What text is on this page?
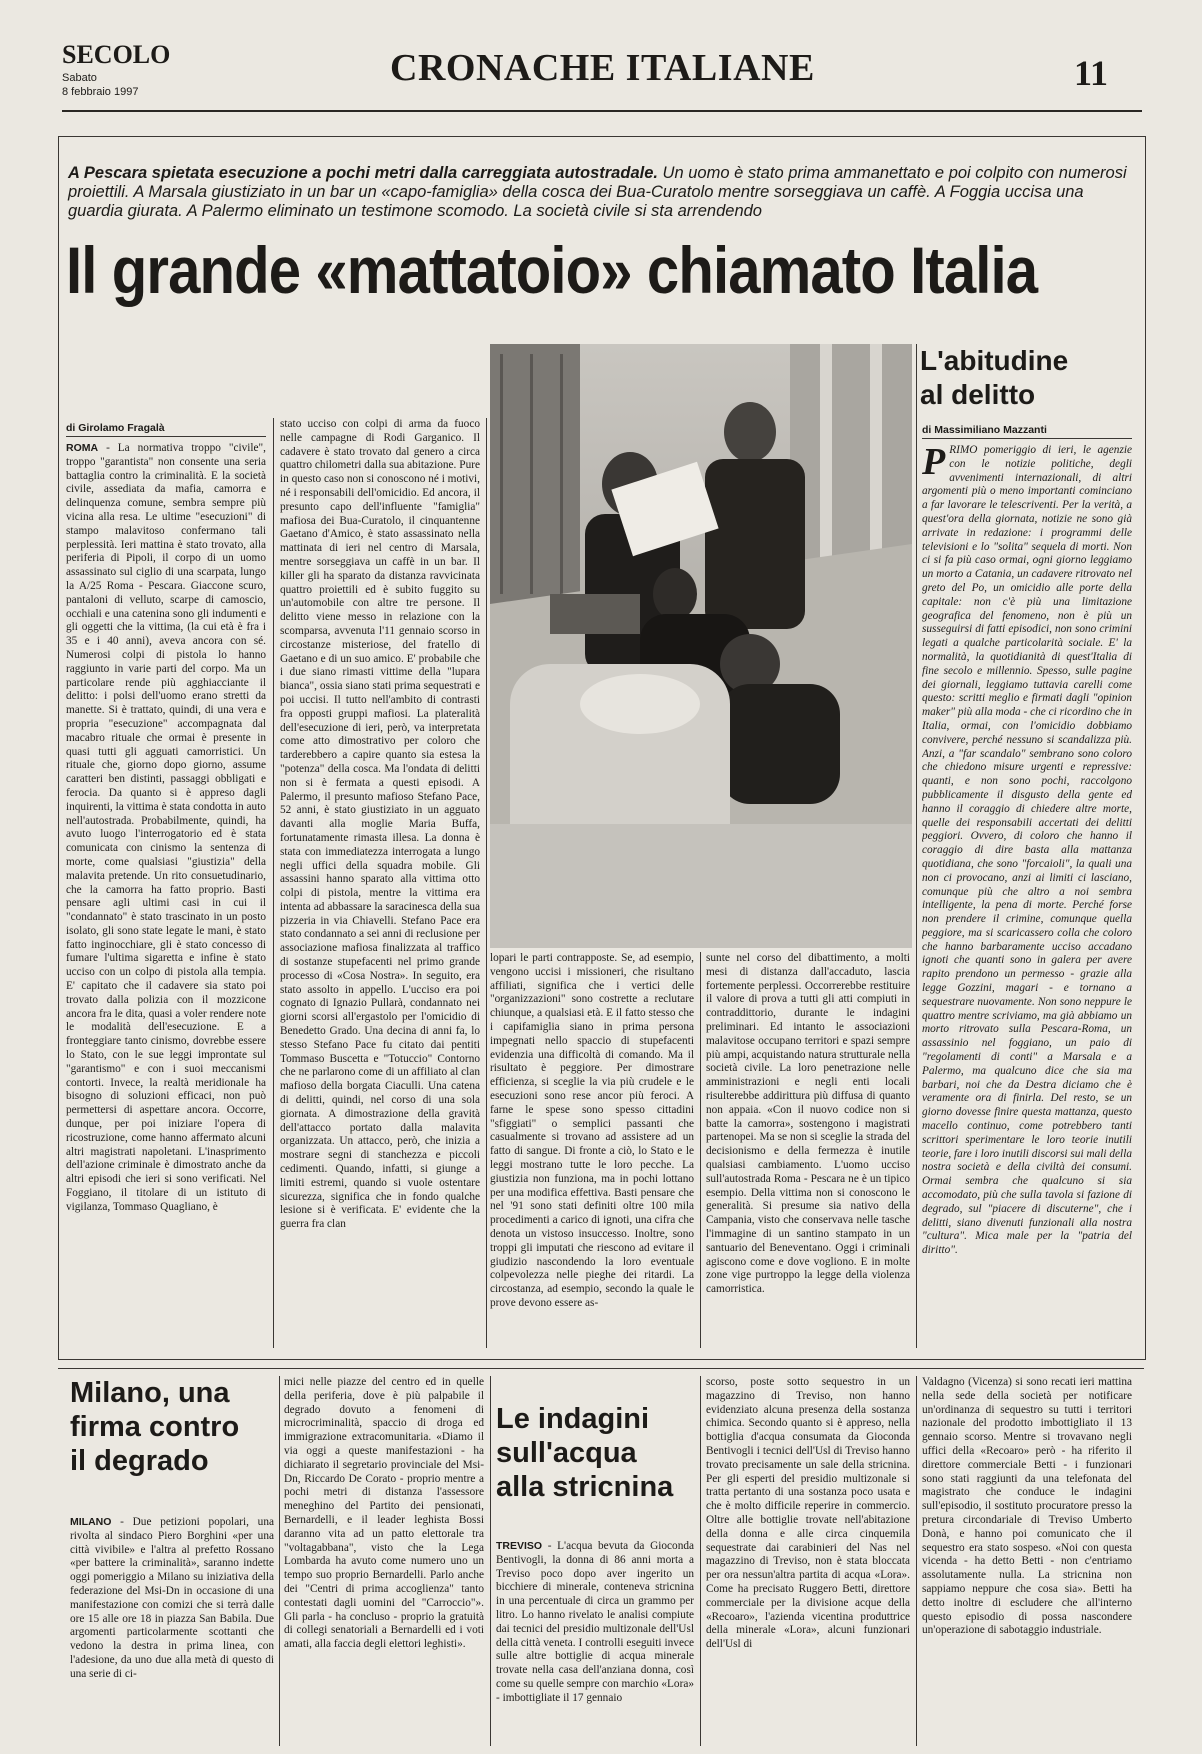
SECOLO
Sabato
8 febbraio 1997
CRONACHE ITALIANE	11
A Pescara spietata esecuzione a pochi metri dalla carreggiata autostradale. Un uomo è stato prima ammanettato e poi colpito con numerosi proiettili. A Marsala giustiziato in un bar un «capo-famiglia» della cosca dei Bua-Curatolo mentre sorseggiava un caffè. A Foggia uccisa una guardia giurata. A Palermo eliminato un testimone scomodo. La società civile si sta arrendendo
Il grande «mattatoio» chiamato Italia
di Girolamo Fragalà
ROMA - La normativa troppo "civile", troppo "garantista" non consente una seria battaglia contro la criminalità. E la società civile, assediata da mafia, camorra e delinquenza comune, sembra sempre più vicina alla resa. Le ultime "esecuzioni" di stampo malavitoso confermano tali perplessità. Ieri mattina è stato trovato, alla periferia di Pipoli, il corpo di un uomo assassinato sul ciglio di una scarpata, lungo la A/25 Roma - Pescara. Giaccone scuro, pantaloni di velluto, scarpe di camoscio, occhiali e una catenina sono gli indumenti e gli oggetti che la vittima, (la cui età è fra i 35 e i 40 anni), aveva ancora con sé. Numerosi colpi di pistola lo hanno raggiunto in varie parti del corpo. Ma un particolare rende più agghiacciante il delitto: i polsi dell'uomo erano stretti da manette. Si è trattato, quindi, di una vera e propria "esecuzione" accompagnata dal macabro rituale che ormai è presente in quasi tutti gli agguati camorristici. Un rituale che, giorno dopo giorno, assume caratteri ben distinti, passaggi obbligati e ferocia. Da quanto si è appreso dagli inquirenti, la vittima è stata condotta in auto nell'autostrada. Probabilmente, quindi, ha avuto luogo l'interrogatorio ed è stata comunicata con cinismo la sentenza di morte, come qualsiasi "giustizia" della malavita pretende. Un rito consuetudinario, che la camorra ha fatto proprio. Basti pensare agli ultimi casi in cui il "condannato" è stato trascinato in un posto isolato, gli sono state legate le mani, è stato fatto inginocchiare, gli è stato concesso di fumare l'ultima sigaretta e infine è stato ucciso con un colpo di pistola alla tempia. E' capitato che il cadavere sia stato poi trovato dalla polizia con il mozzicone ancora fra le dita, quasi a voler rendere note le modalità dell'esecuzione. E a fronteggiare tanto cinismo, dovrebbe essere lo Stato, con le sue leggi improntate sul "garantismo" e con i suoi meccanismi contorti. Invece, la realtà meridionale ha bisogno di soluzioni efficaci, non può permettersi di aspettare ancora. Occorre, dunque, per poi iniziare l'opera di ricostruzione, come hanno affermato alcuni altri magistrati napoletani. L'inasprimento dell'azione criminale è dimostrato anche da altri episodi che ieri si sono verificati. Nel Foggiano, il titolare di un istituto di vigilanza, Tommaso Quagliano, è
stato ucciso con colpi di arma da fuoco nelle campagne di Rodi Garganico. Il cadavere è stato trovato dal genero a circa quattro chilometri dalla sua abitazione. Pure in questo caso non si conoscono né i motivi, né i responsabili dell'omicidio. Ed ancora, il presunto capo dell'influente "famiglia" mafiosa dei Bua-Curatolo, il cinquantenne Gaetano d'Amico, è stato assassinato nella mattinata di ieri nel centro di Marsala, mentre sorseggiava un caffè in un bar. Il killer gli ha sparato da distanza ravvicinata quattro proiettili ed è subito fuggito su un'automobile con altre tre persone. Il delitto viene messo in relazione con la scomparsa, avvenuta l'11 gennaio scorso in circostanze misteriose, del fratello di Gaetano e di un suo amico. E' probabile che i due siano rimasti vittime della "lupara bianca", ossia siano stati prima sequestrati e poi uccisi. Il tutto nell'ambito di contrasti fra opposti gruppi mafiosi. La plateralità dell'esecuzione di ieri, però, va interpretata come atto dimostrativo per coloro che tarderebbero a capire quanto sia estesa la "potenza" della cosca. Ma l'ondata di delitti non si è fermata a questi episodi. A Palermo, il presunto mafioso Stefano Pace, 52 anni, è stato giustiziato in un agguato davanti alla moglie Maria Buffa, fortunatamente rimasta illesa. La donna è stata con immediatezza interrogata a lungo negli uffici della squadra mobile. Gli assassini hanno sparato alla vittima otto colpi di pistola, mentre la vittima era intenta ad abbassare la saracinesca della sua pizzeria in via Chiavelli. Stefano Pace era stato condannato a sei anni di reclusione per associazione mafiosa finalizzata al traffico di sostanze stupefacenti nel primo grande processo di «Cosa Nostra». In seguito, era stato assolto in appello. L'ucciso era poi cognato di Ignazio Pullarà, condannato nei giorni scorsi all'ergastolo per l'omicidio di Benedetto Grado. Una decina di anni fa, lo stesso Stefano Pace fu citato dai pentiti Tommaso Buscetta e "Totuccio" Contorno che ne parlarono come di un affiliato al clan mafioso della borgata Ciaculli. Una catena di delitti, quindi, nel corso di una sola giornata. A dimostrazione della gravità dell'attacco portato dalla malavita organizzata. Un attacco, però, che inizia a mostrare segni di stanchezza e piccoli cedimenti. Quando, infatti, si giunge a limiti estremi, quando si vuole ostentare sicurezza, significa che in fondo qualche lesione si è verificata. E' evidente che la guerra fra clan
lopari le parti contrapposte. Se, ad esempio, vengono uccisi i missioneri, che risultano affiliati, significa che i vertici delle "organizzazioni" sono costrette a reclutare chiunque, a qualsiasi età. E il fatto stesso che i capifamiglia siano in prima persona impegnati nello spaccio di stupefacenti evidenzia una difficoltà di comando. Ma il risultato è peggiore. Per dimostrare efficienza, si sceglie la via più crudele e le esecuzioni sono rese ancor più feroci. A farne le spese sono spesso cittadini "sfiggiati" o semplici passanti che casualmente si trovano ad assistere ad un fatto di sangue. Di fronte a ciò, lo Stato e le leggi mostrano tutte le loro pecche. La giustizia non funziona, ma in pochi lottano per una modifica effettiva. Basti pensare che nel '91 sono stati definiti oltre 100 mila procedimenti a carico di ignoti, una cifra che denota un vistoso insuccesso. Inoltre, sono troppi gli imputati che riescono ad evitare il giudizio nascondendo la loro eventuale colpevolezza nelle pieghe dei ritardi. La circostanza, ad esempio, secondo la quale le prove devono essere as-
sunte nel corso del dibattimento, a molti mesi di distanza dall'accaduto, lascia fortemente perplessi. Occorrerebbe restituire il valore di prova a tutti gli atti compiuti in contraddittorio, durante le indagini preliminari. Ed intanto le associazioni malavitose occupano territori e spazi sempre più ampi, acquistando natura strutturale nella società civile. La loro penetrazione nelle amministrazioni e negli enti locali risulterebbe addirittura più diffusa di quanto non appaia. «Con il nuovo codice non si batte la camorra», sostengono i magistrati partenopei. Ma se non si sceglie la strada del decisionismo e della fermezza è inutile qualsiasi cambiamento. L'uomo ucciso sull'autostrada Roma - Pescara ne è un tipico esempio. Della vittima non si conoscono le generalità. Si presume sia nativo della Campania, visto che conservava nelle tasche l'immagine di un santino stampato in un santuario del Beneventano. Oggi i criminali agiscono come e dove vogliono. E in molte zone vige purtroppo la legge della violenza camorristica.
L'abitudine
al delitto
di Massimiliano Mazzanti
PRIMO pomeriggio di ieri, le agenzie con le notizie politiche, degli avvenimenti internazionali, di altri argomenti più o meno importanti cominciano a far lavorare le telescriventi. Per la verità, a quest'ora della giornata, notizie ne sono già arrivate in redazione: i programmi delle televisioni e lo "solita" sequela di morti. Non ci si fa più caso ormai, ogni giorno leggiamo un morto a Catania, un cadavere ritrovato nel greto del Po, un omicidio alle porte della capitale: non c'è più una limitazione geografica del fenomeno, non è più un susseguirsi di fatti episodici, non sono crimini legati a qualche particolarità sociale. E' la normalità, la quotidianità di quest'Italia di fine secolo e millennio. Spesso, sulle pagine dei giornali, leggiamo tuttavia carelli come questo: scritti meglio e firmati dagli "opinion maker" più alla moda - che ci ricordino che in Italia, ormai, con l'omicidio dobbiamo convivere, perché nessuno si scandalizza più. Anzi, a "far scandalo" sembrano sono coloro che chiedono misure urgenti e repressive: quanti, e non sono pochi, raccolgono pubblicamente il disgusto della gente ed hanno il coraggio di chiedere altre morte, quelle dei responsabili accertati dei delitti peggiori. Ovvero, di coloro che hanno il coraggio di dire basta alla mattanza quotidiana, che sono "forcaioli", la quali una non ci provocano, anzi ai limiti ci lasciano, comunque più che altro a noi sembra intelligente, la pena di morte. Perché forse non prendere il crimine, comunque quella peggiore, ma si scaricassero colla che coloro che hanno barbaramente ucciso accadano ignoti che quanti sono in galera per avere rapito prendono un permesso - grazie alla legge Gozzini, magari - e tornano a sequestrare nuovamente. Non sono neppure le quattro mentre scriviamo, ma già abbiamo un morto ritrovato sulla Pescara-Roma, un assassinio nel foggiano, un paio di "regolamenti di conti" a Marsala e a Palermo, ma qualcuno dice che sia ma barbari, noi che da Destra diciamo che è veramente ora di finirla. Del resto, se un giorno dovesse finire questa mattanza, questo macello continuo, come potrebbero tanti scrittori sperimentare le loro teorie inutili teorie, fare i loro inutili discorsi sui mali della nostra società e della civiltà dei consumi. Ormai sembra che qualcuno si sia accomodato, più che sulla tavola si fazione di degrado, sul "piacere di discuterne", che i delitti, siano divenuti funzionali alla nostra "cultura". Mica male per la "patria del diritto".
Milano, una
firma contro
il degrado
MILANO - Due petizioni popolari, una rivolta al sindaco Piero Borghini «per una città vivibile» e l'altra al prefetto Rossano «per battere la criminalità», saranno indette oggi pomeriggio a Milano su iniziativa della federazione del Msi-Dn in occasione di una manifestazione con comizi che si terrà dalle ore 15 alle ore 18 in piazza San Babila. Due argomenti particolarmente scottanti che vedono la destra in prima linea, con l'adesione, da uno due alla metà di questo di una serie di ci-
mici nelle piazze del centro ed in quelle della periferia, dove è più palpabile il degrado dovuto a fenomeni di microcriminalità, spaccio di droga ed immigrazione extracomunitaria. «Diamo il via oggi a queste manifestazioni - ha dichiarato il segretario provinciale del Msi-Dn, Riccardo De Corato - proprio mentre a pochi metri di distanza l'assessore meneghino del Partito dei pensionati, Bernardelli, e il leader leghista Bossi daranno vita ad un patto elettorale tra "voltagabbana", visto che la Lega Lombarda ha avuto come numero uno un tempo suo proprio Bernardelli. Parlo anche dei "Centri di prima accoglienza" tanto contestati dagli uomini del "Carroccio"». Gli parla - ha concluso - proprio la gratuità di collegi senatoriali a Bernardelli ed i voti amati, alla faccia degli elettori leghisti».
Le indagini
sull'acqua
alla stricnina
TREVISO - L'acqua bevuta da Gioconda Bentivogli, la donna di 86 anni morta a Treviso poco dopo aver ingerito un bicchiere di minerale, conteneva stricnina in una percentuale di circa un grammo per litro. Lo hanno rivelato le analisi compiute dai tecnici del presidio multizonale dell'Usl della città veneta. I controlli eseguiti invece sulle altre bottiglie di acqua minerale trovate nella casa dell'anziana donna, così come su quelle sempre con marchio «Lora» - imbottigliate il 17 gennaio
scorso, poste sotto sequestro in un magazzino di Treviso, non hanno evidenziato alcuna presenza della sostanza chimica. Secondo quanto si è appreso, nella bottiglia d'acqua consumata da Gioconda Bentivogli i tecnici dell'Usl di Treviso hanno trovato precisamente un sale della stricnina. Per gli esperti del presidio multizonale si tratta pertanto di una sostanza poco usata e che è molto difficile reperire in commercio. Oltre alle bottiglie trovate nell'abitazione della donna e alle circa cinquemila sequestrate dai carabinieri del Nas nel magazzino di Treviso, non è stata bloccata per ora nessun'altra partita di acqua «Lora». Come ha precisato Ruggero Betti, direttore commerciale per la divisione acque della «Recoaro», l'azienda vicentina produttrice della minerale «Lora», alcuni funzionari dell'Usl di
Valdagno (Vicenza) si sono recati ieri mattina nella sede della società per notificare un'ordinanza di sequestro su tutti i territori nazionale del prodotto imbottigliato il 13 gennaio scorso. Mentre si trovavano negli uffici della «Recoaro» però - ha riferito il direttore commerciale Betti - i funzionari sono stati raggiunti da una telefonata del magistrato che conduce le indagini sull'episodio, il sostituto procuratore presso la pretura circondariale di Treviso Umberto Donà, e hanno poi comunicato che il sequestro era stato sospeso. «Noi con questa vicenda - ha detto Betti - non c'entriamo assolutamente nulla. La stricnina non sappiamo neppure che cosa sia». Betti ha detto inoltre di escludere che all'interno questo episodio di possa nascondere un'operazione di sabotaggio industriale.
